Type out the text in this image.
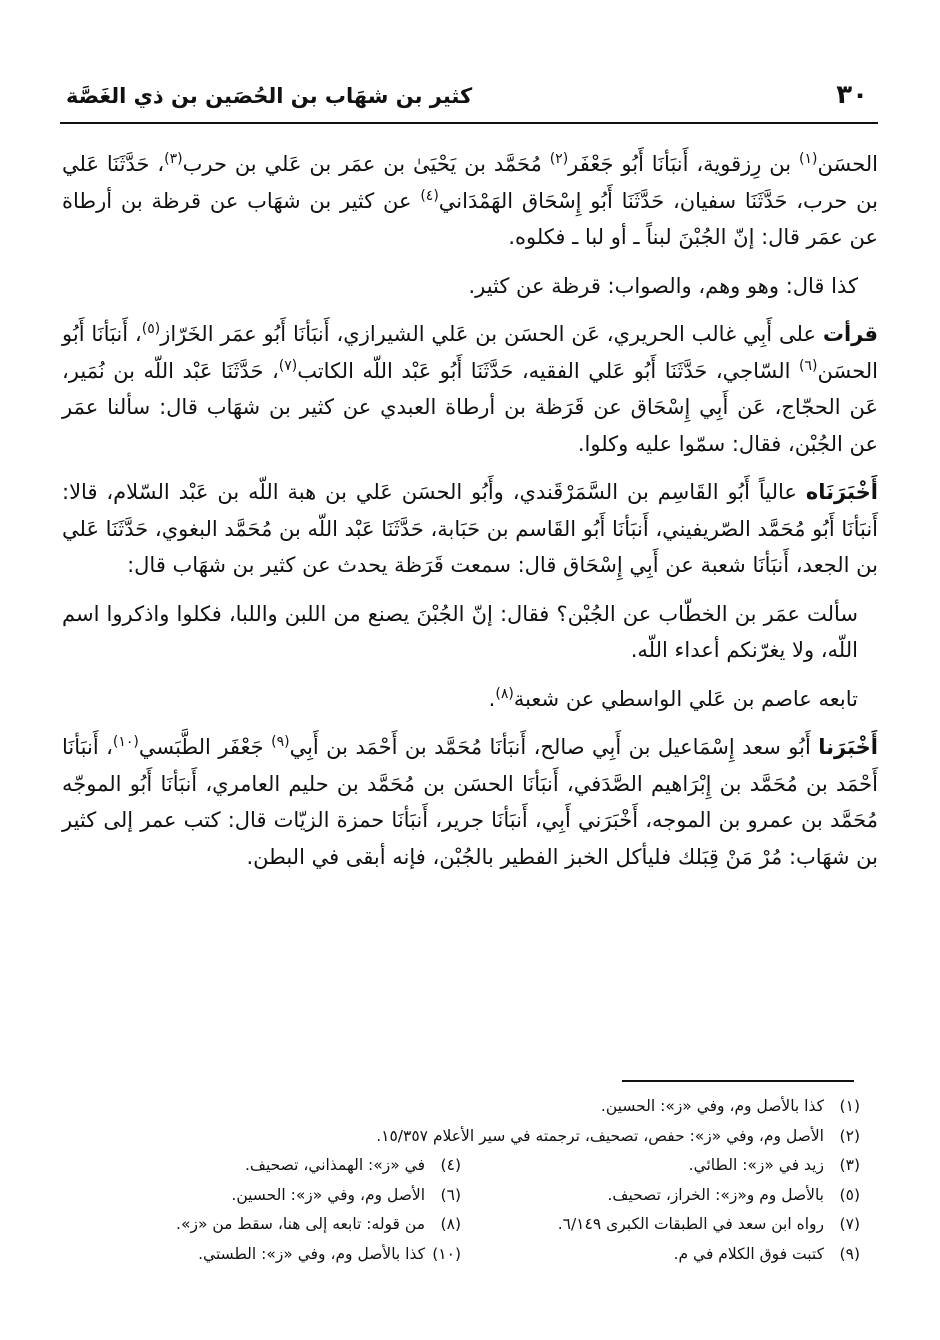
٣٠
كثير بن شهَاب بن الحُصَين بن ذي الغَصَّة

الحسَن$^{(١)}$ بن رِزقوية، أَنبَأنَا أَبُو جَعْفَر$^{(٢)}$ مُحَمَّد بن يَحْيَىٰ بن عمَر بن عَلي بن حرب$^{(٣)}$، حَدَّثَنَا عَلي بن حرب، حَدَّثَنَا سفيان، حَدَّثَنَا أَبُو إِسْحَاق الهَمْدَاني$^{(٤)}$ عن كثير بن شهَاب عن قرظة بن أرطاة عن عمَر قال: إنّ الجُبْنَ لبناً ـ أو لبا ـ فكلوه.

كذا قال: وهو وهم، والصواب: قرظة عن كثير.

قرأت على أَبِي غالب الحريري، عَن الحسَن بن عَلي الشيرازي، أَنبَأنَا أَبُو عمَر الخَرّاز$^{(٥)}$، أَنبَأنَا أَبُو الحسَن$^{(٦)}$ السّاجي، حَدَّثَنَا أَبُو عَلي الفقيه، حَدَّثَنَا أَبُو عَبْد اللّه الكاتب$^{(٧)}$، حَدَّثَنَا عَبْد اللّه بن نُمَير، عَن الحجّاج، عَن أَبِي إِسْحَاق عن قَرَظة بن أرطاة العبدي عن كثير بن شهَاب قال: سألنا عمَر عن الجُبْن، فقال: سمّوا عليه وكلوا.

أَخْبَرَنَاه عالياً أَبُو القَاسِم بن السَّمَرْقَندي، وأَبُو الحسَن عَلي بن هبة اللّه بن عَبْد السّلام، قالا: أَنبَأنَا أَبُو مُحَمَّد الصّريفيني، أَنبَأنَا أَبُو القَاسم بن حَبَابة، حَدَّثَنَا عَبْد اللّه بن مُحَمَّد البغوي، حَدَّثَنَا عَلي بن الجعد، أَنبَأنَا شعبة عن أَبِي إِسْحَاق قال: سمعت قَرَظة يحدث عن كثير بن شهَاب قال:

سألت عمَر بن الخطّاب عن الجُبْن؟ فقال: إنّ الجُبْنَ يصنع من اللبن واللبا، فكلوا واذكروا اسم اللّه، ولا يغرّنكم أعداء اللّه.

تابعه عاصم بن عَلي الواسطي عن شعبة$^{(٨)}$.

أَخْبَرَنا أَبُو سعد إِسْمَاعيل بن أَبِي صالح، أَنبَأنَا مُحَمَّد بن أَحْمَد بن أَبِي$^{(٩)}$ جَعْفَر الطَّبَسي$^{(١٠)}$، أَنبَأنَا أَحْمَد بن مُحَمَّد بن إِبْرَاهيم الصَّدَفي، أَنبَأنَا الحسَن بن مُحَمَّد بن حليم العامري، أَنبَأنَا أَبُو الموجّه مُحَمَّد بن عمرو بن الموجه، أَخْبَرَني أَبِي، أَنبَأنَا جرير، أَنبَأنَا حمزة الزيّات قال: كتب عمر إلى كثير بن شهَاب: مُرْ مَنْ قِبَلك فليأكل الخبز الفطير بالجُبْن، فإنه أبقى في البطن.

(١)كذا بالأصل وم، وفي «ز»: الحسين.
(٢)الأصل وم، وفي «ز»: حفص، تصحيف، ترجمته في سير الأعلام ١٥/٣٥٧.
(٣)زيد في «ز»: الطائي.
(٤)في «ز»: الهمذاني، تصحيف.
(٥)بالأصل وم و«ز»: الخراز، تصحيف.
(٦)الأصل وم، وفي «ز»: الحسين.
(٧)رواه ابن سعد في الطبقات الكبرى ٦/١٤٩.
(٨)من قوله: تابعه إلى هنا، سقط من «ز».
(٩)كتبت فوق الكلام في م.
(١٠)كذا بالأصل وم، وفي «ز»: الطستي.
